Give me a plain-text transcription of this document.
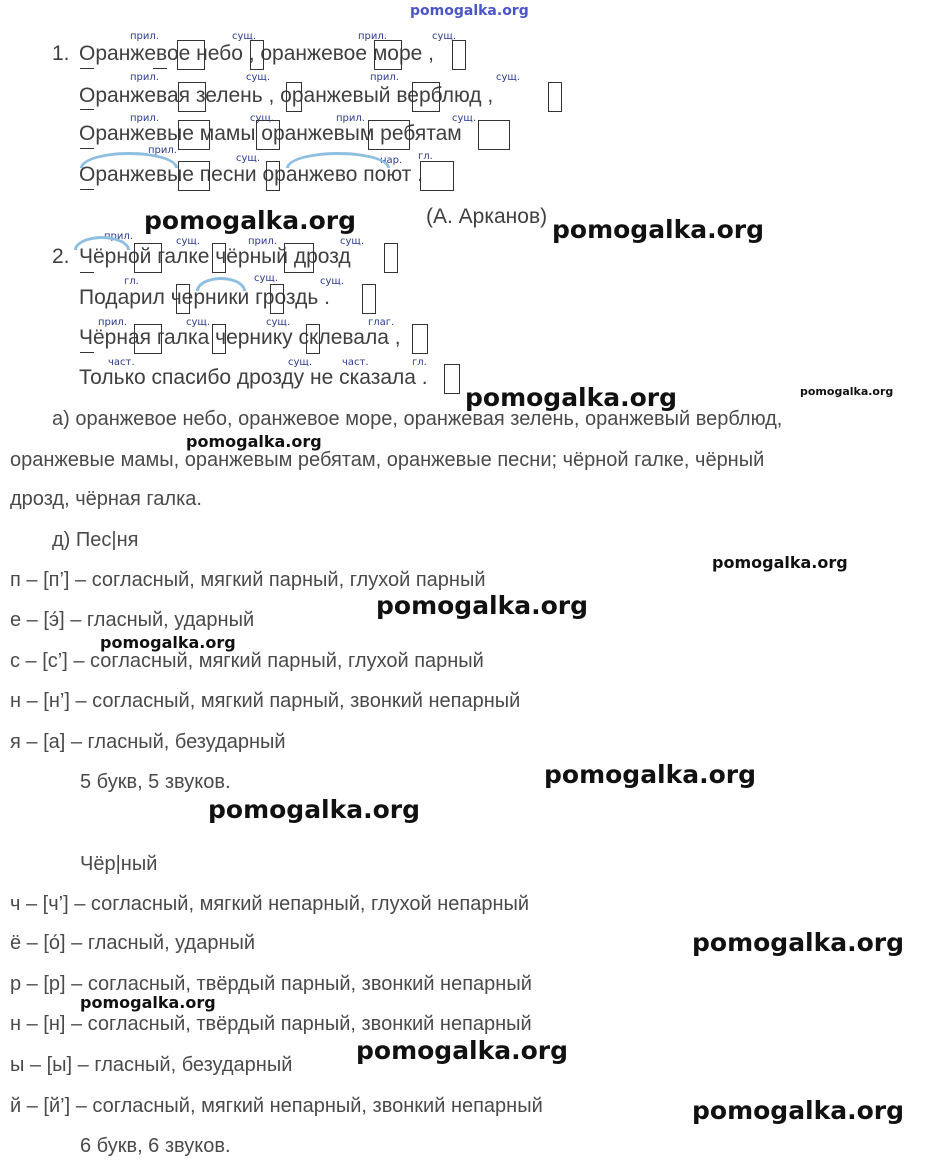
pomogalka.org
1. Оранжевое небо , оранжевое море ,
Оранжевая зелень , оранжевый верблюд ,
Оранжевые мамы оранжевым ребятам
Оранжевые песни оранжево поют .
(А. Арканов)
прил.	сущ.	прил.	сущ.
прил.	сущ.	прил.	сущ.
прил.	сущ.	прил.	сущ.
прил.
сущ.	нар. гл.
2. Чёрной галке чёрный дрозд
Подарил черники гроздь .
Чёрная галка чернику склевала ,
Только спасибо дрозду не сказала .
прил.	сущ.	прил.	сущ.
гл.	сущ.	сущ.
прил.	сущ.	сущ.	глаг.
част.	сущ.	част.	гл.
а) оранжевое небо, оранжевое море, оранжевая зелень, оранжевый верблюд,
оранжевые мамы, оранжевым ребятам, оранжевые песни; чёрной галке, чёрный
дрозд, чёрная галка.
д) Пес|ня
п – [п’] – согласный, мягкий парный, глухой парный
е – [э́] – гласный, ударный
с – [с’] – согласный, мягкий парный, глухой парный
н – [н’] – согласный, мягкий парный, звонкий непарный
я – [а] – гласный, безударный
5 букв, 5 звуков.
Чёр|ный
ч – [ч’] – согласный, мягкий непарный, глухой непарный
ё – [о́] – гласный, ударный
р – [р] – согласный, твёрдый парный, звонкий непарный
н – [н] – согласный, твёрдый парный, звонкий непарный
ы – [ы] – гласный, безударный
й – [й’] – согласный, мягкий непарный, звонкий непарный
6 букв, 6 звуков.
pomogalka.org	pomogalka.org
pomogalka.org	pomogalka.org
pomogalka.org
pomogalka.org
pomogalka.org
pomogalka.org
pomogalka.org
pomogalka.org
pomogalka.org
pomogalka.org
pomogalka.org
pomogalka.org
